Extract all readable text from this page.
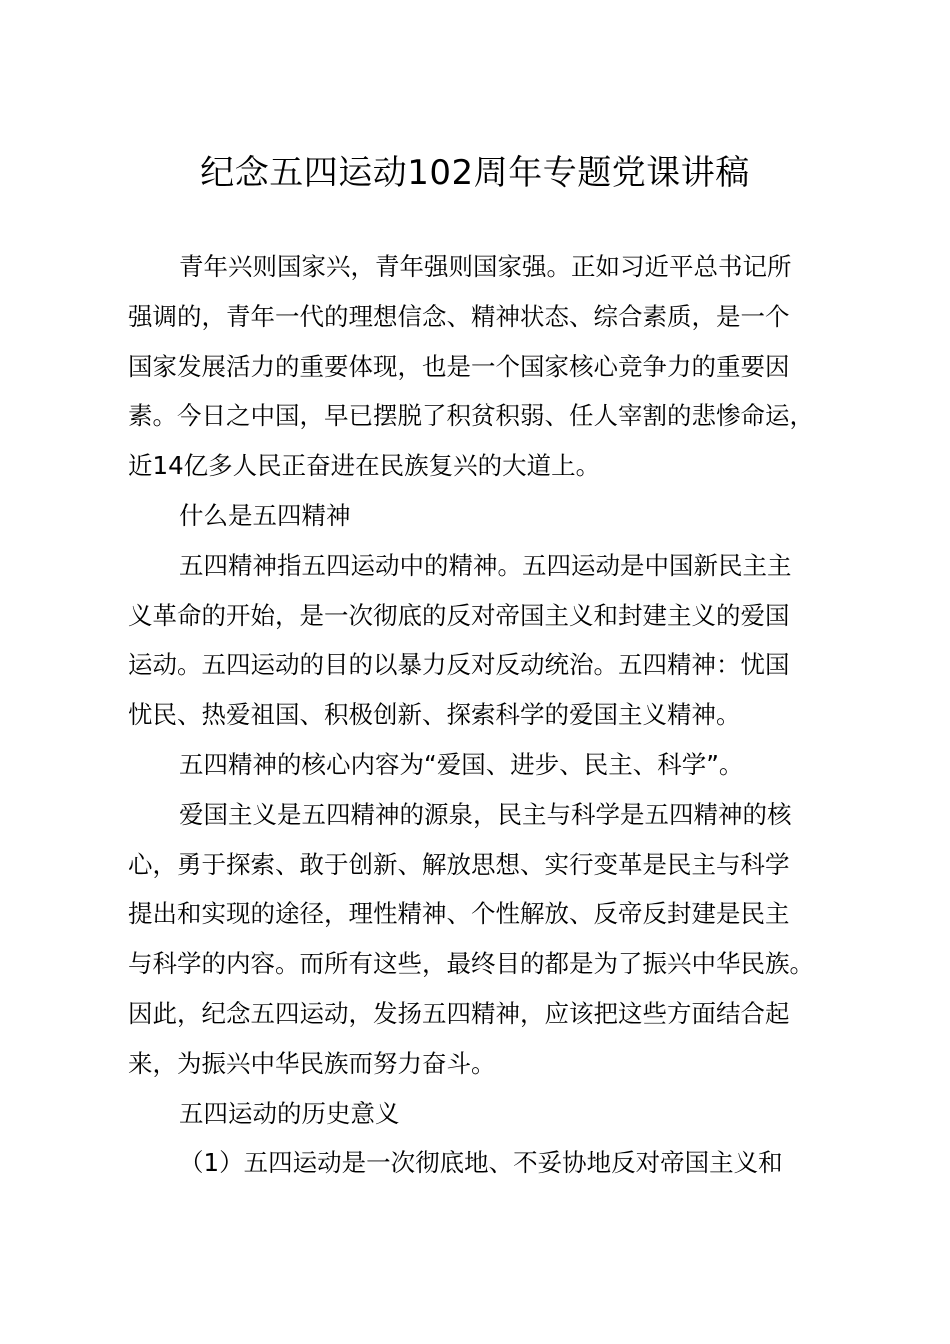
纪念五四运动102周年专题党课讲稿

青年兴则国家兴，青年强则国家强。正如习近平总书记所
强调的，青年一代的理想信念、精神状态、综合素质，是一个
国家发展活力的重要体现，也是一个国家核心竞争力的重要因
素。今日之中国，早已摆脱了积贫积弱、任人宰割的悲惨命运，
近14亿多人民正奋进在民族复兴的大道上。

什么是五四精神

五四精神指五四运动中的精神。五四运动是中国新民主主
义革命的开始，是一次彻底的反对帝国主义和封建主义的爱国
运动。五四运动的目的以暴力反对反动统治。五四精神：忧国
忧民、热爱祖国、积极创新、探索科学的爱国主义精神。

五四精神的核心内容为“爱国、进步、民主、科学”。

爱国主义是五四精神的源泉，民主与科学是五四精神的核
心，勇于探索、敢于创新、解放思想、实行变革是民主与科学
提出和实现的途径，理性精神、个性解放、反帝反封建是民主
与科学的内容。而所有这些，最终目的都是为了振兴中华民族。
因此，纪念五四运动，发扬五四精神，应该把这些方面结合起
来，为振兴中华民族而努力奋斗。

五四运动的历史意义

（1）五四运动是一次彻底地、不妥协地反对帝国主义和
